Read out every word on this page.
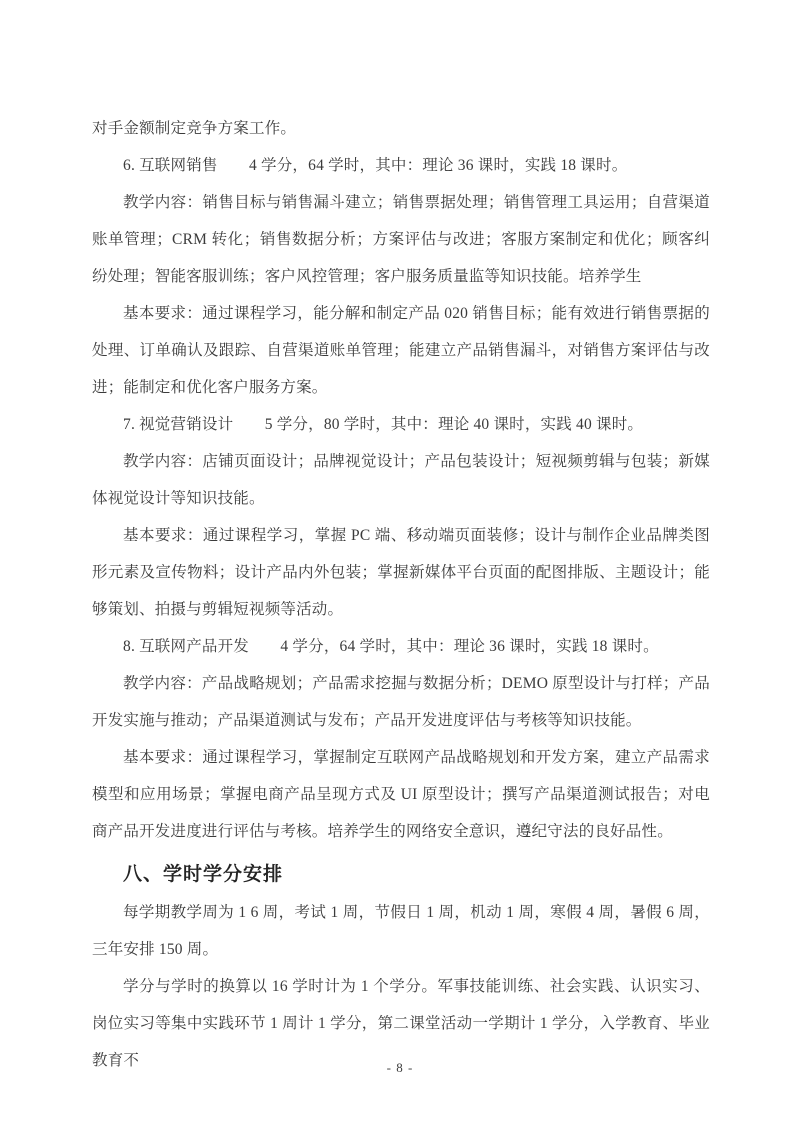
对手金额制定竞争方案工作。
6. 互联网销售　　4 学分，64 学时，其中：理论 36 课时，实践 18 课时。
教学内容：销售目标与销售漏斗建立；销售票据处理；销售管理工具运用；自营渠道账单管理；CRM 转化；销售数据分析；方案评估与改进；客服方案制定和优化；顾客纠纷处理；智能客服训练；客户风控管理；客户服务质量监等知识技能。培养学生
基本要求：通过课程学习，能分解和制定产品 020 销售目标；能有效进行销售票据的处理、订单确认及跟踪、自营渠道账单管理；能建立产品销售漏斗，对销售方案评估与改进；能制定和优化客户服务方案。
7. 视觉营销设计　　5 学分，80 学时，其中：理论 40 课时，实践 40 课时。
教学内容：店铺页面设计；品牌视觉设计；产品包装设计；短视频剪辑与包装；新媒体视觉设计等知识技能。
基本要求：通过课程学习，掌握 PC 端、移动端页面装修；设计与制作企业品牌类图形元素及宣传物料；设计产品内外包装；掌握新媒体平台页面的配图排版、主题设计；能够策划、拍摄与剪辑短视频等活动。
8. 互联网产品开发　　4 学分，64 学时，其中：理论 36 课时，实践 18 课时。
教学内容：产品战略规划；产品需求挖掘与数据分析；DEMO 原型设计与打样；产品开发实施与推动；产品渠道测试与发布；产品开发进度评估与考核等知识技能。
基本要求：通过课程学习，掌握制定互联网产品战略规划和开发方案，建立产品需求模型和应用场景；掌握电商产品呈现方式及 UI 原型设计；撰写产品渠道测试报告；对电商产品开发进度进行评估与考核。培养学生的网络安全意识，遵纪守法的良好品性。
八、学时学分安排
每学期教学周为 1 6 周，考试 1 周，节假日 1 周，机动 1 周，寒假 4 周，暑假 6 周，三年安排 150 周。
学分与学时的换算以 16 学时计为 1 个学分。军事技能训练、社会实践、认识实习、岗位实习等集中实践环节 1 周计 1 学分，第二课堂活动一学期计 1 学分，入学教育、毕业教育不	- 8 -
